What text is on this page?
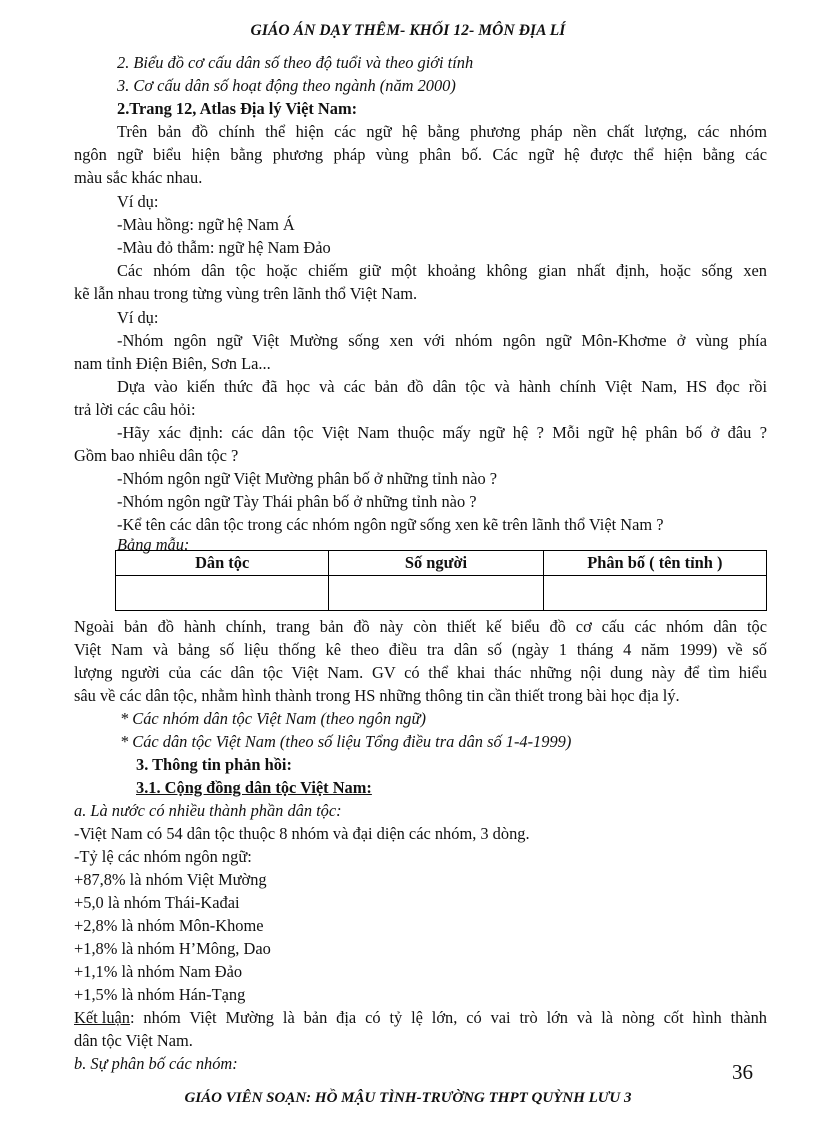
GIÁO ÁN DẠY THÊM- KHỐI 12- MÔN ĐỊA LÍ
2. Biểu đồ cơ cấu dân số theo độ tuổi và theo giới tính
3. Cơ cấu dân số hoạt động theo ngành (năm 2000)
2.Trang 12, Atlas Địa lý Việt Nam:
Trên bản đồ chính thể hiện các ngữ hệ bằng phương pháp nền chất lượng, các nhóm
ngôn ngữ biểu hiện bằng phương pháp vùng phân bố. Các ngữ hệ được thể hiện bằng các
màu sắc khác nhau.
Ví dụ:
-Màu hồng: ngữ hệ Nam Á
-Màu đỏ thẫm: ngữ hệ Nam Đảo
Các nhóm dân tộc hoặc chiếm giữ một khoảng không gian nhất định, hoặc sống xen
kẽ lẫn nhau trong từng vùng trên lãnh thổ Việt Nam.
Ví dụ:
-Nhóm ngôn ngữ Việt Mường sống xen với nhóm ngôn ngữ Môn-Khơme ở vùng phía
nam tỉnh Điện Biên, Sơn La...
Dựa vào kiến thức đã học và các bản đồ dân tộc và hành chính Việt Nam, HS đọc rồi
trả lời các câu hỏi:
-Hãy xác định: các dân tộc Việt Nam thuộc mấy ngữ hệ ? Mỗi ngữ hệ phân bố ở đâu ?
Gồm bao nhiêu dân tộc ?
-Nhóm ngôn ngữ Việt Mường phân bố ở những tỉnh nào ?
-Nhóm ngôn ngữ Tày Thái phân bố ở những tỉnh nào ?
-Kể tên các dân tộc trong các nhóm ngôn ngữ sống xen kẽ trên lãnh thổ Việt Nam ?
Bảng mẫu:
Dân tộc	Số người	Phân bố ( tên tỉnh )

Ngoài bản đồ hành chính, trang bản đồ này còn thiết kế biểu đồ cơ cấu các nhóm dân tộc
Việt Nam và bảng số liệu thống kê theo điều tra dân số (ngày 1 tháng 4 năm 1999) về số
lượng người của các dân tộc Việt Nam. GV có thể khai thác những nội dung này để tìm hiểu
sâu về các dân tộc, nhằm hình thành trong HS những thông tin cần thiết trong bài học địa lý.
* Các nhóm dân tộc Việt Nam (theo ngôn ngữ)
* Các dân tộc Việt Nam (theo số liệu Tổng điều tra dân số 1-4-1999)
3. Thông tin phản hồi:
3.1. Cộng đồng dân tộc Việt Nam:
a. Là nước có nhiều thành phần dân tộc:
-Việt Nam có 54 dân tộc thuộc 8 nhóm và đại diện các nhóm, 3 dòng.
-Tỷ lệ các nhóm ngôn ngữ:
+87,8% là nhóm Việt Mường
+5,0 là nhóm Thái-Kađai
+2,8% là nhóm Môn-Khome
+1,8% là nhóm H’Mông, Dao
+1,1% là nhóm Nam Đảo
+1,5% là nhóm Hán-Tạng
Kết luận : nhóm Việt Mường là bản địa có tỷ lệ lớn, có vai trò lớn và là nòng cốt hình thành
dân tộc Việt Nam.
b. Sự phân bố các nhóm:	36
GIÁO VIÊN SOẠN: HỒ MẬU TÌNH-TRƯỜNG THPT QUỲNH LƯU 3
